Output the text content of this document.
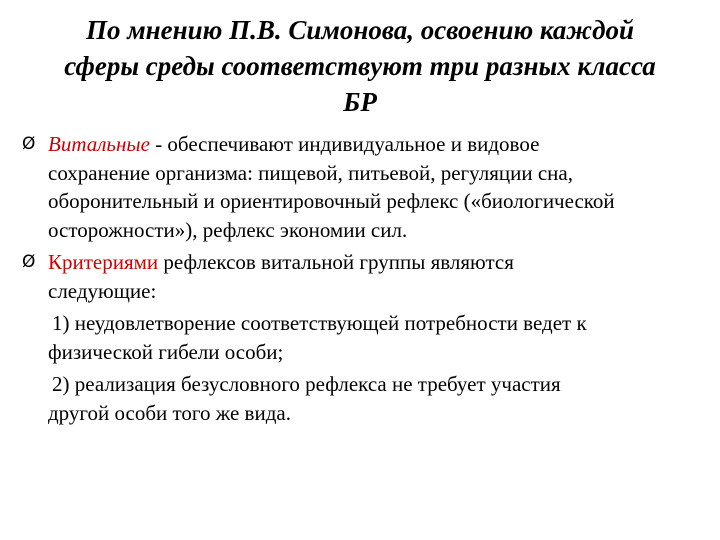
По мнению П.В. Симонова, освоению каждой
сферы среды соответствуют три разных класса
БР
Ø Витальные - обеспечивают индивидуальное и видовое
сохранение организма: пищевой, питьевой, регуляции сна,
оборонительный и ориентировочный рефлекс («биологической
осторожности»), рефлекс экономии сил.
Ø Критериями рефлексов витальной группы являются
следующие:
1) неудовлетворение соответствующей потребности ведет к
физической гибели особи;
2) реализация безусловного рефлекса не требует участия
другой особи того же вида.
